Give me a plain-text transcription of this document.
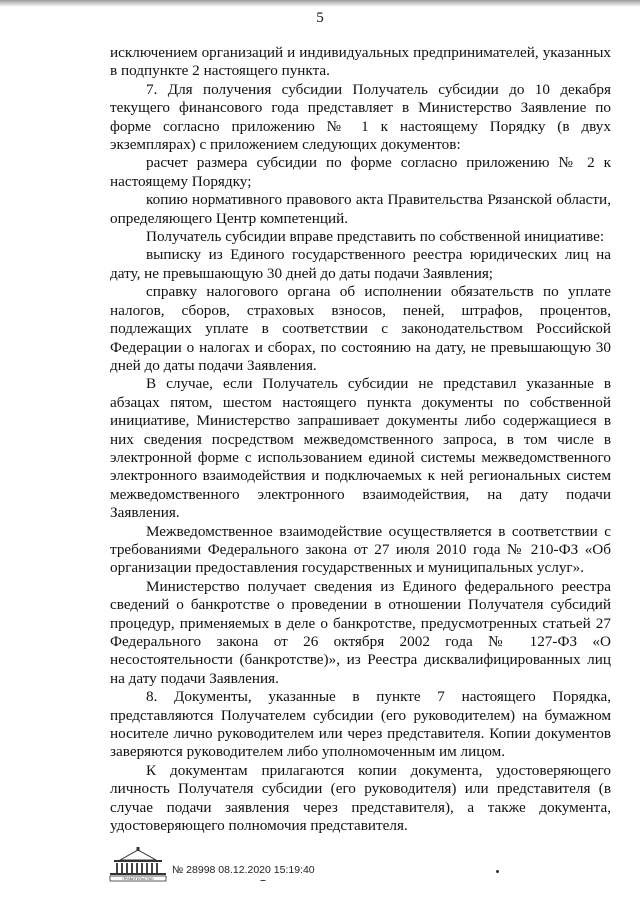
5

исключением организаций и индивидуальных предпринимателей, указанных в подпункте 2 настоящего пункта.

7. Для получения субсидии Получатель субсидии до 10 декабря текущего финансового года представляет в Министерство Заявление по форме согласно приложению № 1 к настоящему Порядку (в двух экземплярах) с приложением следующих документов:

расчет размера субсидии по форме согласно приложению № 2 к настоящему Порядку;

копию нормативного правового акта Правительства Рязанской области, определяющего Центр компетенций.

Получатель субсидии вправе представить по собственной инициативе:

выписку из Единого государственного реестра юридических лиц на дату, не превышающую 30 дней до даты подачи Заявления;

справку налогового органа об исполнении обязательств по уплате налогов, сборов, страховых взносов, пеней, штрафов, процентов, подлежащих уплате в соответствии с законодательством Российской Федерации о налогах и сборах, по состоянию на дату, не превышающую 30 дней до даты подачи Заявления.

В случае, если Получатель субсидии не представил указанные в абзацах пятом, шестом настоящего пункта документы по собственной инициативе, Министерство запрашивает документы либо содержащиеся в них сведения посредством межведомственного запроса, в том числе в электронной форме с использованием единой системы межведомственного электронного взаимодействия и подключаемых к ней региональных систем межведомственного электронного взаимодействия, на дату подачи Заявления.

Межведомственное взаимодействие осуществляется в соответствии с требованиями Федерального закона от 27 июля 2010 года № 210-ФЗ «Об организации предоставления государственных и муниципальных услуг».

Министерство получает сведения из Единого федерального реестра сведений о банкротстве о проведении в отношении Получателя субсидий процедур, применяемых в деле о банкротстве, предусмотренных статьей 27 Федерального закона от 26 октября 2002 года № 127-ФЗ «О несостоятельности (банкротстве)», из Реестра дисквалифицированных лиц на дату подачи Заявления.

8. Документы, указанные в пункте 7 настоящего Порядка, представляются Получателем субсидии (его руководителем) на бумажном носителе лично руководителем или через представителя. Копии документов заверяются руководителем либо уполномоченным им лицом.

К документам прилагаются копии документа, удостоверяющего личность Получателя субсидии (его руководителя) или представителя (в случае подачи заявления через представителя), а также документа, удостоверяющего полномочия представителя.

ПРАВИТЕЛЬСТВО
№ 28998 08.12.2020 15:19:40
